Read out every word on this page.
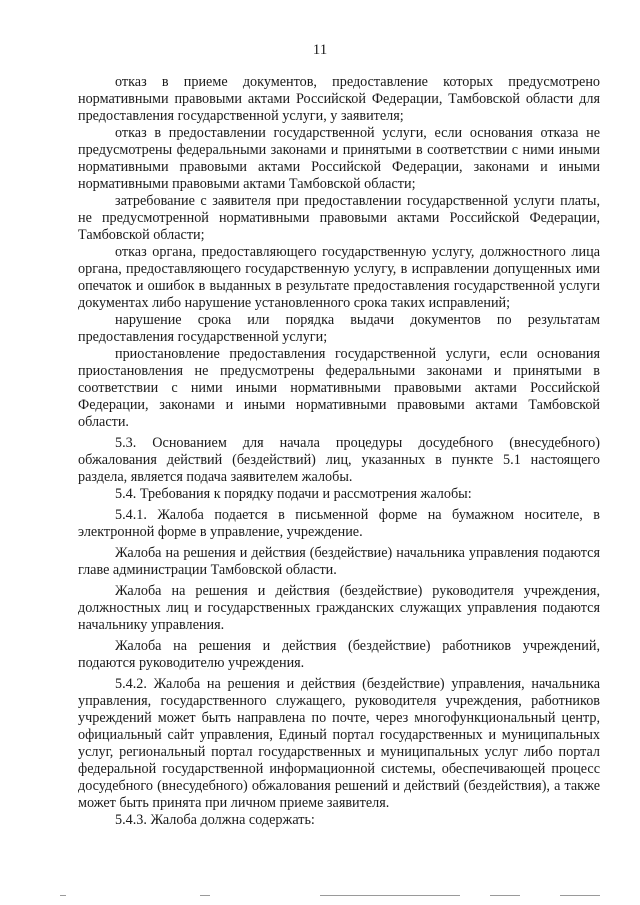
11

отказ в приеме документов, предоставление которых предусмотрено нормативными правовыми актами Российской Федерации, Тамбовской области для предоставления государственной услуги, у заявителя;

отказ в предоставлении государственной услуги, если основания отказа не предусмотрены федеральными законами и принятыми в соответствии с ними иными нормативными правовыми актами Российской Федерации, законами и иными нормативными правовыми актами Тамбовской области;

затребование с заявителя при предоставлении государственной услуги платы, не предусмотренной нормативными правовыми актами Российской Федерации, Тамбовской области;

отказ органа, предоставляющего государственную услугу, должностного лица органа, предоставляющего государственную услугу, в исправлении допущенных ими опечаток и ошибок в выданных в результате предоставления государственной услуги документах либо нарушение установленного срока таких исправлений;

нарушение срока или порядка выдачи документов по результатам предоставления государственной услуги;

приостановление предоставления государственной услуги, если основания приостановления не предусмотрены федеральными законами и принятыми в соответствии с ними иными нормативными правовыми актами Российской Федерации, законами и иными нормативными правовыми актами Тамбовской области.

5.3. Основанием для начала процедуры досудебного (внесудебного) обжалования действий (бездействий) лиц, указанных в пункте 5.1 настоящего раздела, является подача заявителем жалобы.

5.4. Требования к порядку подачи и рассмотрения жалобы:

5.4.1. Жалоба подается в письменной форме на бумажном носителе, в электронной форме в управление, учреждение.

Жалоба на решения и действия (бездействие) начальника управления подаются главе администрации Тамбовской области.

Жалоба на решения и действия (бездействие) руководителя учреждения, должностных лиц и государственных гражданских служащих управления подаются начальнику управления.

Жалоба на решения и действия (бездействие) работников учреждений, подаются руководителю учреждения.

5.4.2. Жалоба на решения и действия (бездействие) управления, начальника управления, государственного служащего, руководителя учреждения, работников учреждений может быть направлена по почте, через многофункциональный центр, официальный сайт управления, Единый портал государственных и муниципальных услуг, региональный портал государственных и муниципальных услуг либо портал федеральной государственной информационной системы, обеспечивающей процесс досудебного (внесудебного) обжалования решений и действий (бездействия), а также может быть принята при личном приеме заявителя.

5.4.3. Жалоба должна содержать:
